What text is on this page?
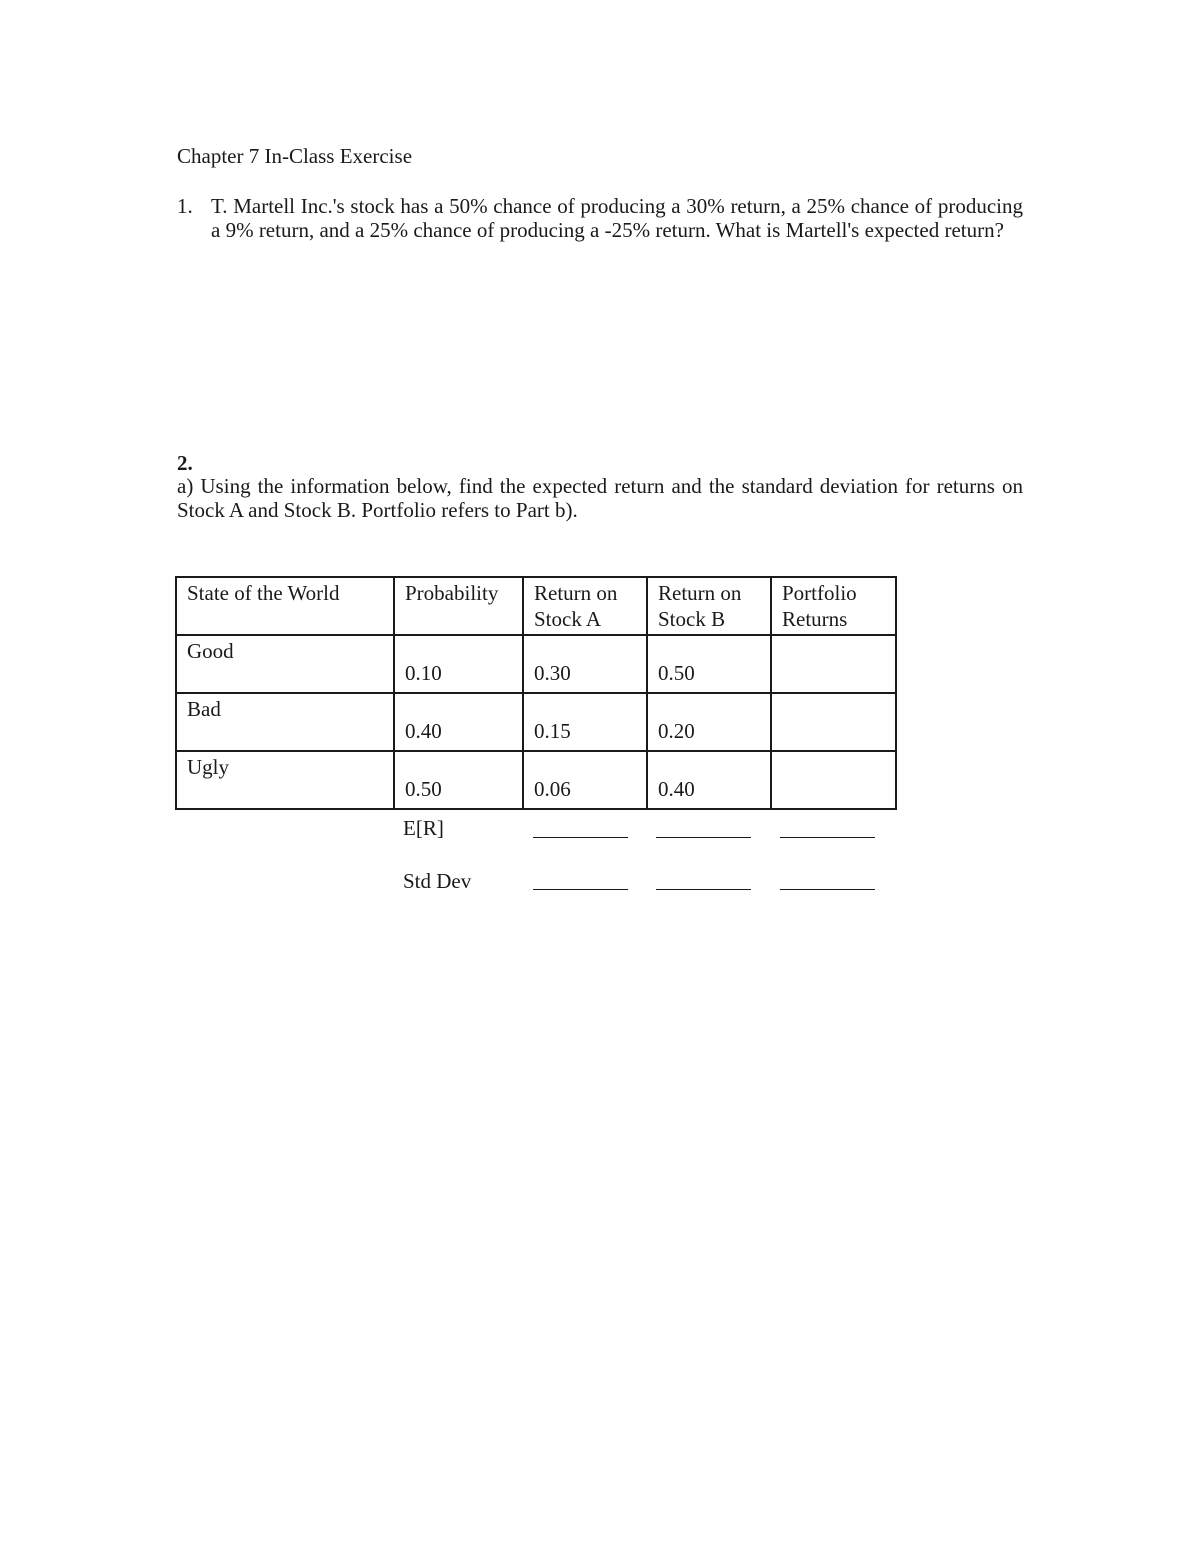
Chapter 7 In-Class Exercise
1. T. Martell Inc.'s stock has a 50% chance of producing a 30% return, a 25% chance of producing a 9% return, and a 25% chance of producing a -25% return. What is Martell's expected return?
2.
a) Using the information below, find the expected return and the standard deviation for returns on Stock A and Stock B. Portfolio refers to Part b).
State of the World	Probability	Return on Stock A	Return on Stock B	Portfolio Returns
Good	0.10	0.30	0.50	
Bad	0.40	0.15	0.20	
Ugly	0.50	0.06	0.40	
E[R]
Std Dev
